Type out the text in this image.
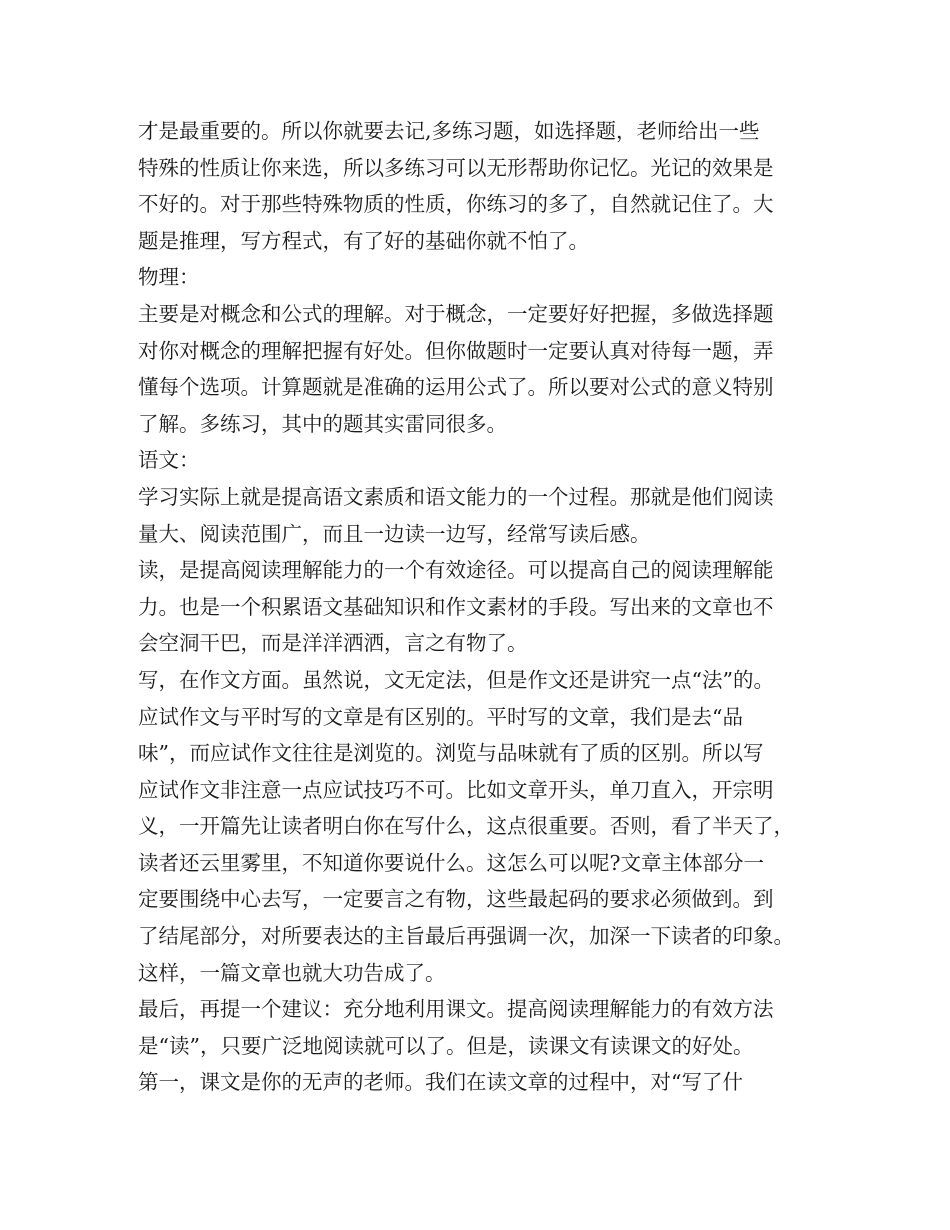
才是最重要的。所以你就要去记,多练习题，如选择题，老师给出一些
特殊的性质让你来选，所以多练习可以无形帮助你记忆。光记的效果是
不好的。对于那些特殊物质的性质，你练习的多了，自然就记住了。大
题是推理，写方程式，有了好的基础你就不怕了。
物理：
主要是对概念和公式的理解。对于概念，一定要好好把握，多做选择题
对你对概念的理解把握有好处。但你做题时一定要认真对待每一题，弄
懂每个选项。计算题就是准确的运用公式了。所以要对公式的意义特别
了解。多练习，其中的题其实雷同很多。
语文：
学习实际上就是提高语文素质和语文能力的一个过程。那就是他们阅读
量大、阅读范围广，而且一边读一边写，经常写读后感。
读，是提高阅读理解能力的一个有效途径。可以提高自己的阅读理解能
力。也是一个积累语文基础知识和作文素材的手段。写出来的文章也不
会空洞干巴，而是洋洋洒洒，言之有物了。
写，在作文方面。虽然说，文无定法，但是作文还是讲究一点“法”的。
应试作文与平时写的文章是有区别的。平时写的文章，我们是去“品
味”，而应试作文往往是浏览的。浏览与品味就有了质的区别。所以写
应试作文非注意一点应试技巧不可。比如文章开头，单刀直入，开宗明
义，一开篇先让读者明白你在写什么，这点很重要。否则，看了半天了，
读者还云里雾里，不知道你要说什么。这怎么可以呢?文章主体部分一
定要围绕中心去写，一定要言之有物，这些最起码的要求必须做到。到
了结尾部分，对所要表达的主旨最后再强调一次，加深一下读者的印象。
这样，一篇文章也就大功告成了。
最后，再提一个建议：充分地利用课文。提高阅读理解能力的有效方法
是“读”，只要广泛地阅读就可以了。但是，读课文有读课文的好处。
第一，课文是你的无声的老师。我们在读文章的过程中，对“写了什
